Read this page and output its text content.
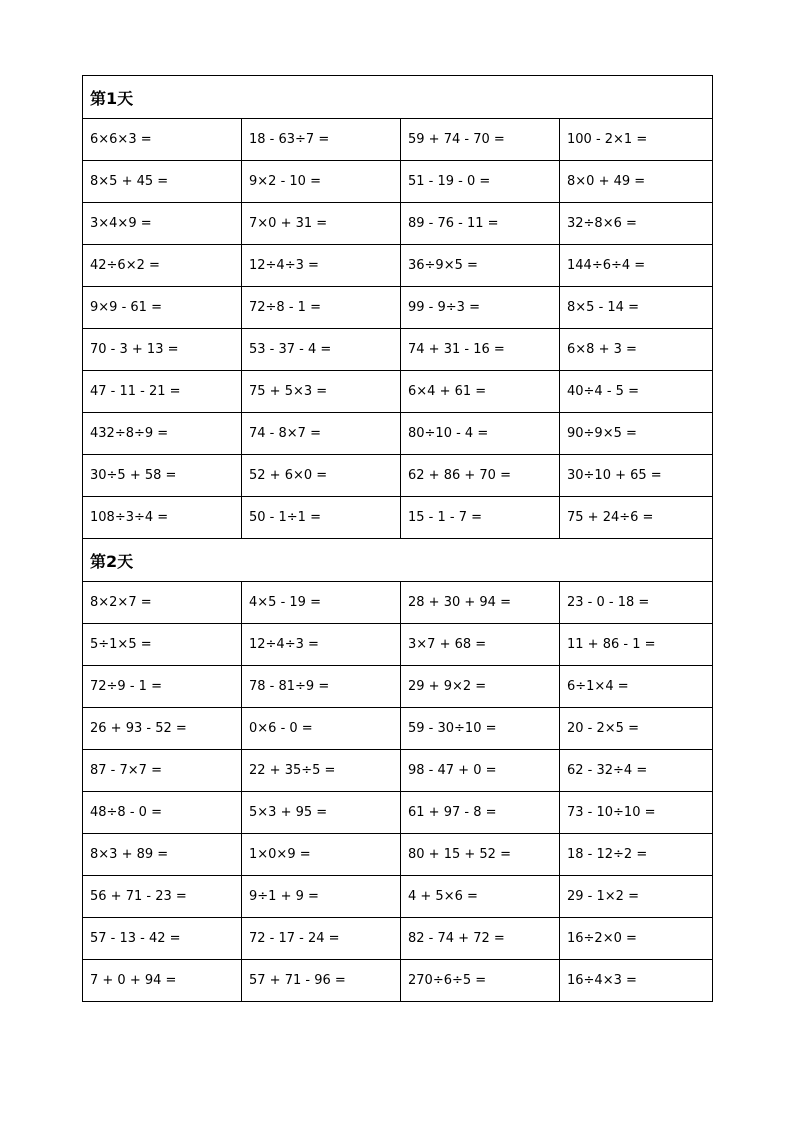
第1天			
6×6×3 =	18 - 63÷7 =	59 + 74 - 70 =	100 - 2×1 =
8×5 + 45 =	9×2 - 10 =	51 - 19 - 0 =	8×0 + 49 =
3×4×9 =	7×0 + 31 =	89 - 76 - 11 =	32÷8×6 =
42÷6×2 =	12÷4÷3 =	36÷9×5 =	144÷6÷4 =
9×9 - 61 =	72÷8 - 1 =	99 - 9÷3 =	8×5 - 14 =
70 - 3 + 13 =	53 - 37 - 4 =	74 + 31 - 16 =	6×8 + 3 =
47 - 11 - 21 =	75 + 5×3 =	6×4 + 61 =	40÷4 - 5 =
432÷8÷9 =	74 - 8×7 =	80÷10 - 4 =	90÷9×5 =
30÷5 + 58 =	52 + 6×0 =	62 + 86 + 70 =	30÷10 + 65 =
108÷3÷4 =	50 - 1÷1 =	15 - 1 - 7 =	75 + 24÷6 =
第2天			
8×2×7 =	4×5 - 19 =	28 + 30 + 94 =	23 - 0 - 18 =
5÷1×5 =	12÷4÷3 =	3×7 + 68 =	11 + 86 - 1 =
72÷9 - 1 =	78 - 81÷9 =	29 + 9×2 =	6÷1×4 =
26 + 93 - 52 =	0×6 - 0 =	59 - 30÷10 =	20 - 2×5 =
87 - 7×7 =	22 + 35÷5 =	98 - 47 + 0 =	62 - 32÷4 =
48÷8 - 0 =	5×3 + 95 =	61 + 97 - 8 =	73 - 10÷10 =
8×3 + 89 =	1×0×9 =	80 + 15 + 52 =	18 - 12÷2 =
56 + 71 - 23 =	9÷1 + 9 =	4 + 5×6 =	29 - 1×2 =
57 - 13 - 42 =	72 - 17 - 24 =	82 - 74 + 72 =	16÷2×0 =
7 + 0 + 94 =	57 + 71 - 96 =	270÷6÷5 =	16÷4×3 =
